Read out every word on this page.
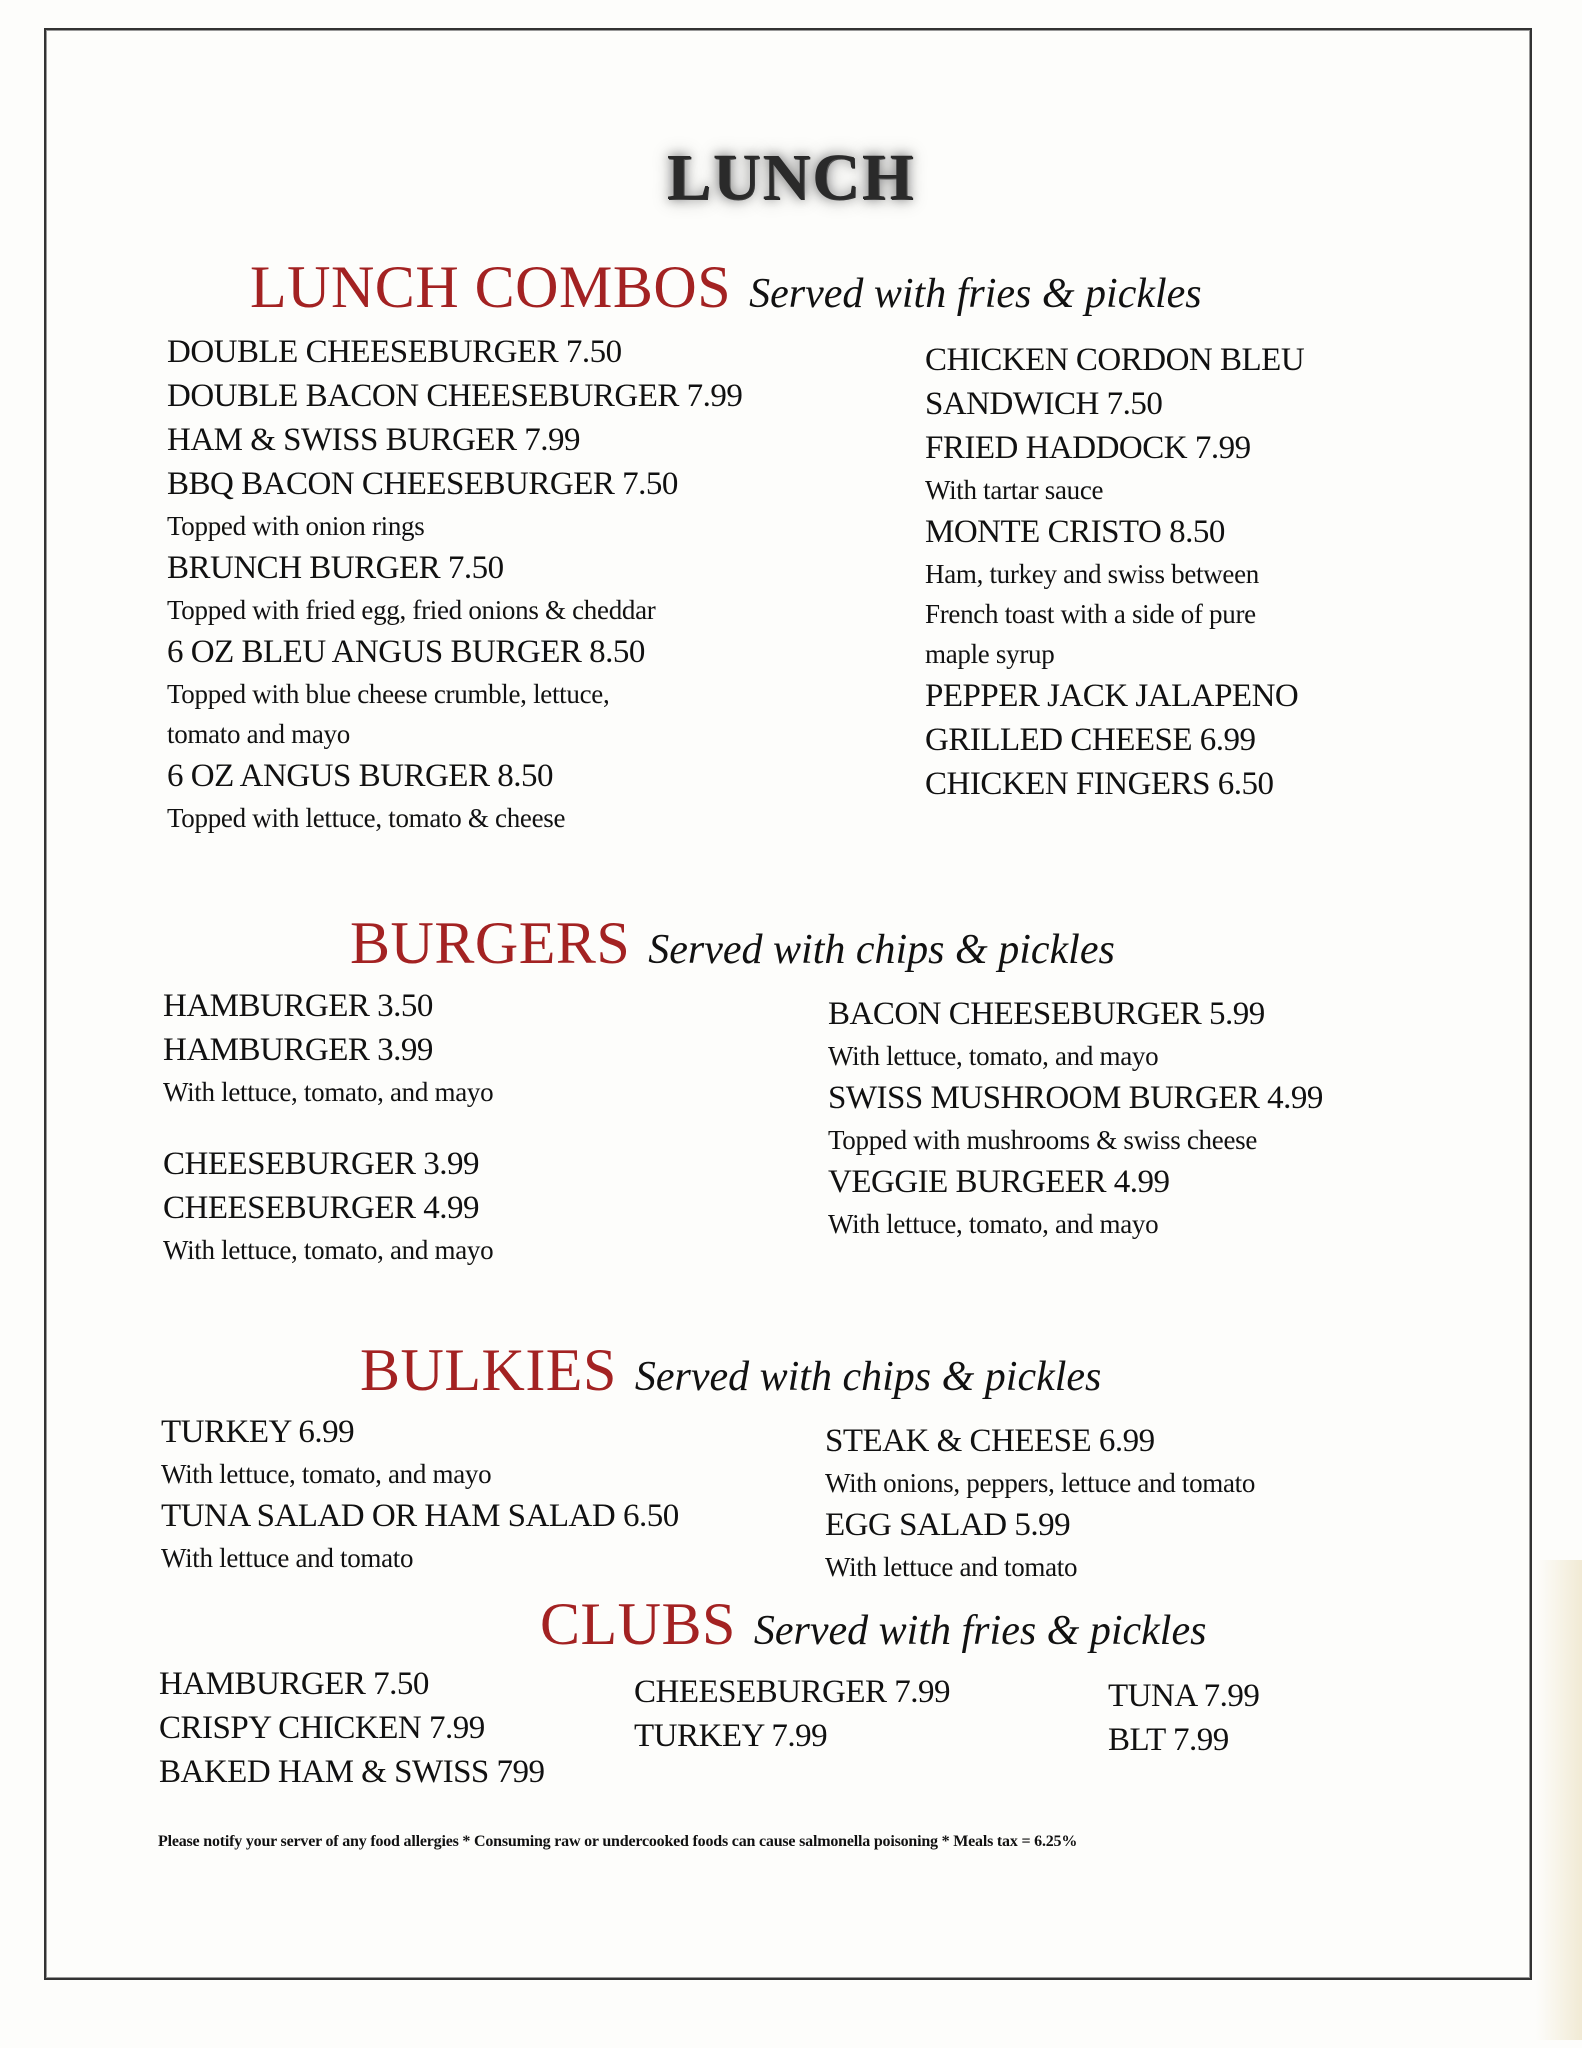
LUNCH
LUNCH COMBOS Served with fries & pickles
DOUBLE CHEESEBURGER 7.50
DOUBLE BACON CHEESEBURGER 7.99
HAM & SWISS BURGER 7.99
BBQ BACON CHEESEBURGER 7.50
Topped with onion rings
BRUNCH BURGER 7.50
Topped with fried egg, fried onions & cheddar
6 OZ BLEU ANGUS BURGER 8.50
Topped with blue cheese crumble, lettuce,
tomato and mayo
6 OZ ANGUS BURGER 8.50
Topped with lettuce, tomato & cheese
CHICKEN CORDON BLEU
SANDWICH 7.50
FRIED HADDOCK 7.99
With tartar sauce
MONTE CRISTO 8.50
Ham, turkey and swiss between
French toast with a side of pure
maple syrup
PEPPER JACK JALAPENO
GRILLED CHEESE 6.99
CHICKEN FINGERS 6.50
BURGERS Served with chips & pickles
HAMBURGER 3.50
HAMBURGER 3.99
With lettuce, tomato, and mayo
CHEESEBURGER 3.99
CHEESEBURGER 4.99
With lettuce, tomato, and mayo
BACON CHEESEBURGER 5.99
With lettuce, tomato, and mayo
SWISS MUSHROOM BURGER 4.99
Topped with mushrooms & swiss cheese
VEGGIE BURGEER 4.99
With lettuce, tomato, and mayo
BULKIES Served with chips & pickles
TURKEY 6.99
With lettuce, tomato, and mayo
TUNA SALAD OR HAM SALAD 6.50
With lettuce and tomato
STEAK & CHEESE 6.99
With onions, peppers, lettuce and tomato
EGG SALAD 5.99
With lettuce and tomato
CLUBS Served with fries & pickles
HAMBURGER 7.50
CRISPY CHICKEN 7.99
BAKED HAM & SWISS 799
CHEESEBURGER 7.99
TURKEY 7.99
TUNA 7.99
BLT 7.99
Please notify your server of any food allergies * Consuming raw or undercooked foods can cause salmonella poisoning * Meals tax = 6.25%
